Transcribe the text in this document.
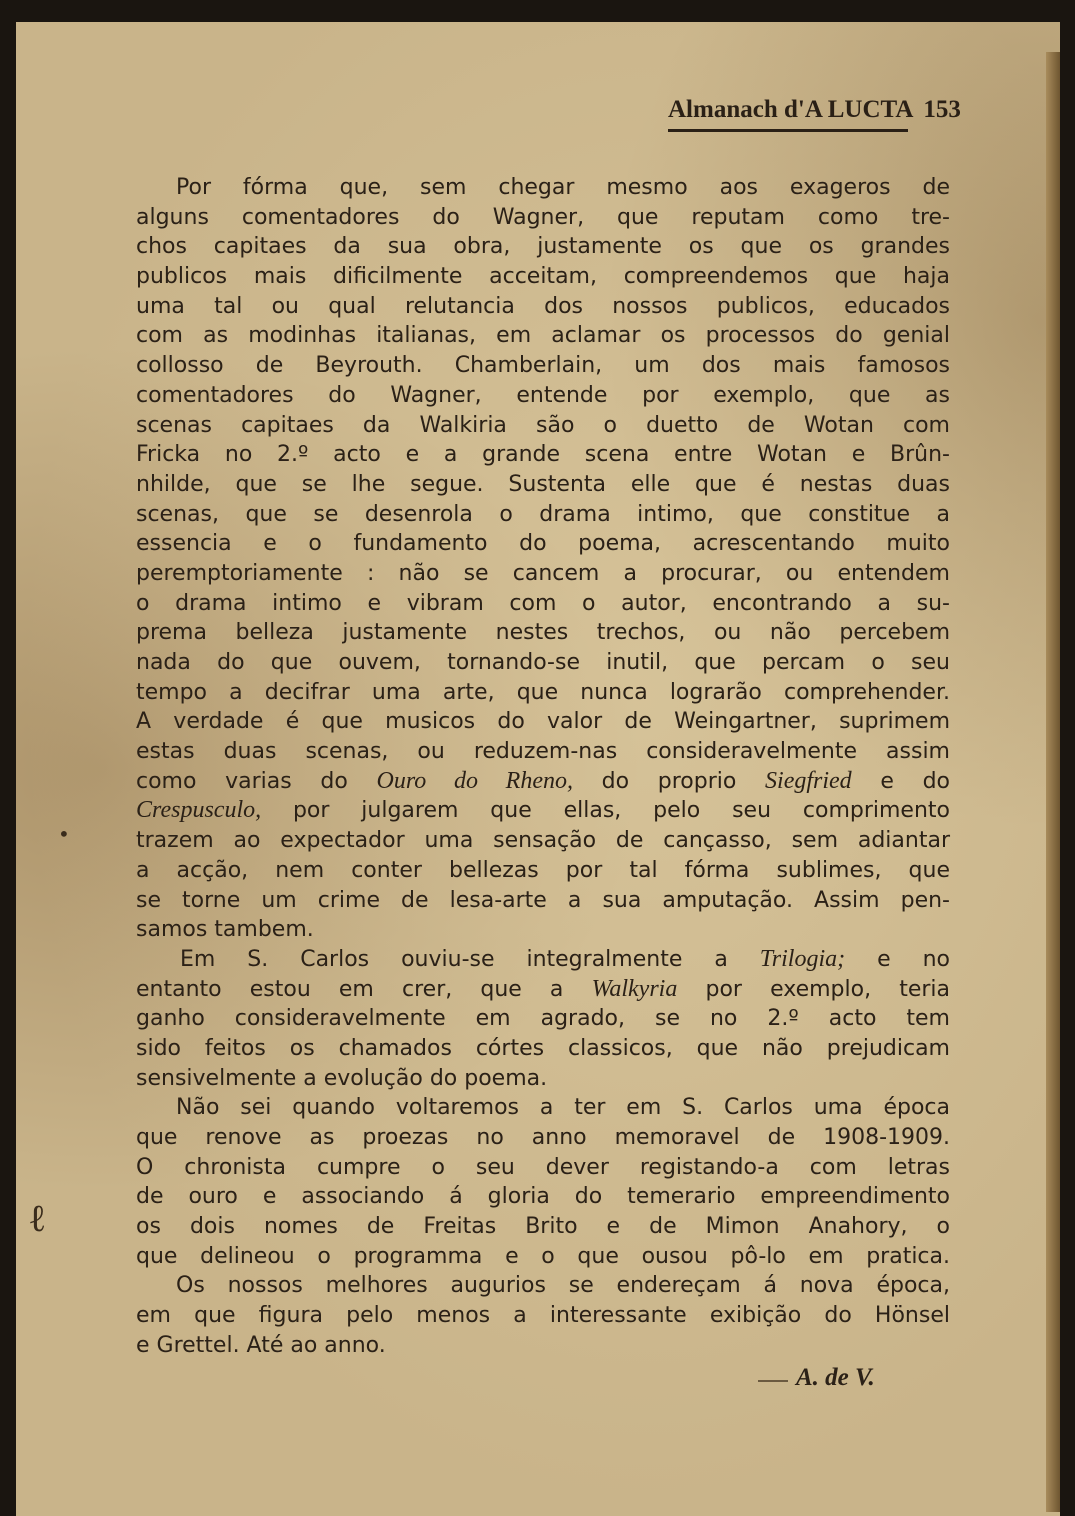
Almanach d'A LUCTA 153
Por fórma que, sem chegar mesmo aos exageros de
alguns comentadores do Wagner, que reputam como tre-
chos capitaes da sua obra, justamente os que os grandes
publicos mais dificilmente acceitam, compreendemos que haja
uma tal ou qual relutancia dos nossos publicos, educados
com as modinhas italianas, em aclamar os processos do genial
collosso de Beyrouth. Chamberlain, um dos mais famosos
comentadores do Wagner, entende por exemplo, que as
scenas capitaes da Walkiria são o duetto de Wotan com
Fricka no 2.º acto e a grande scena entre Wotan e Brûn-
nhilde, que se lhe segue. Sustenta elle que é nestas duas
scenas, que se desenrola o drama intimo, que constitue a
essencia e o fundamento do poema, acrescentando muito
peremptoriamente : não se cancem a procurar, ou entendem
o drama intimo e vibram com o autor, encontrando a su-
prema belleza justamente nestes trechos, ou não percebem
nada do que ouvem, tornando-se inutil, que percam o seu
tempo a decifrar uma arte, que nunca lograrão comprehender.
A verdade é que musicos do valor de Weingartner, suprimem
estas duas scenas, ou reduzem-nas consideravelmente assim
como varias do Ouro do Rheno, do proprio Siegfried e do
Crespusculo, por julgarem que ellas, pelo seu comprimento
trazem ao expectador uma sensação de cançasso, sem adiantar
a acção, nem conter bellezas por tal fórma sublimes, que
se torne um crime de lesa-arte a sua amputação. Assim pen-
samos tambem.
Em S. Carlos ouviu-se integralmente a Trilogia; e no
entanto estou em crer, que a Walkyria por exemplo, teria
ganho consideravelmente em agrado, se no 2.º acto tem
sido feitos os chamados córtes classicos, que não prejudicam
sensivelmente a evolução do poema.
Não sei quando voltaremos a ter em S. Carlos uma época
que renove as proezas no anno memoravel de 1908-1909.
O chronista cumpre o seu dever registando-a com letras
de ouro e associando á gloria do temerario empreendimento
os dois nomes de Freitas Brito e de Mimon Anahory, o
que delineou o programma e o que ousou pô-lo em pratica.
Os nossos melhores augurios se endereçam á nova época,
em que figura pelo menos a interessante exibição do Hönsel
e Grettel. Até ao anno.
A. de V.
ℓ
•
